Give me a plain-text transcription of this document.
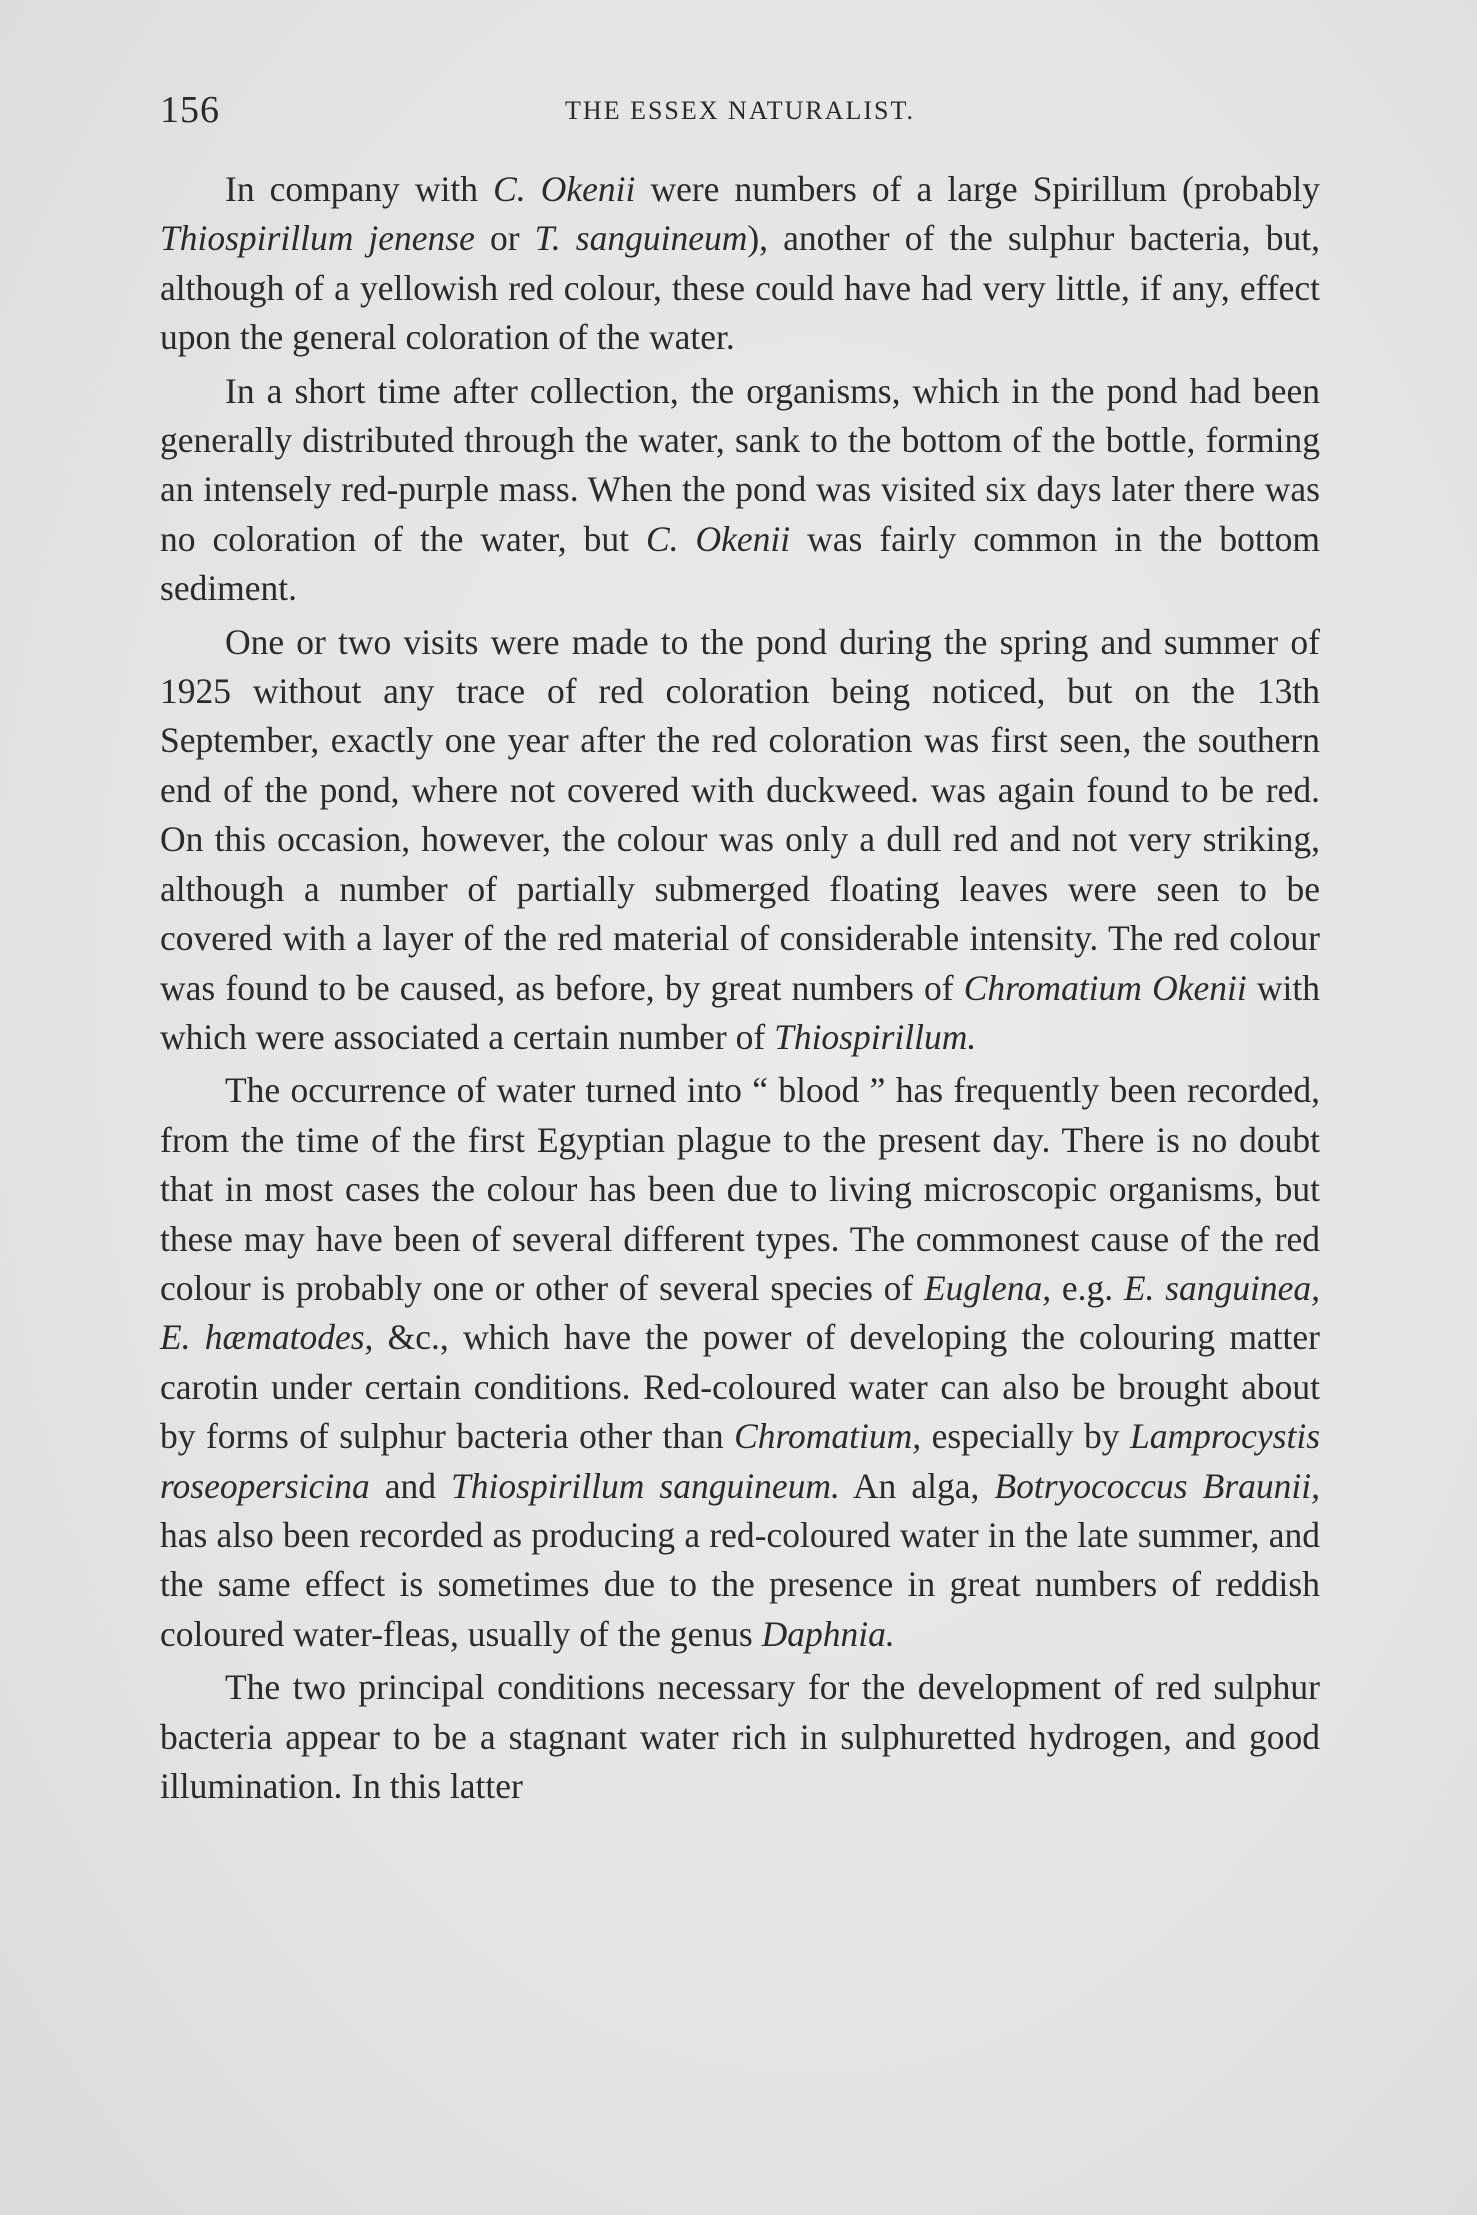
156	THE ESSEX NATURALIST.

In company with C. Okenii were numbers of a large Spirillum (probably Thiospirillum jenense or T. sanguineum), another of the sulphur bacteria, but, although of a yellowish red colour, these could have had very little, if any, effect upon the general coloration of the water.

In a short time after collection, the organisms, which in the pond had been generally distributed through the water, sank to the bottom of the bottle, forming an intensely red-purple mass. When the pond was visited six days later there was no coloration of the water, but C. Okenii was fairly common in the bottom sediment.

One or two visits were made to the pond during the spring and summer of 1925 without any trace of red coloration being noticed, but on the 13th September, exactly one year after the red coloration was first seen, the southern end of the pond, where not covered with duckweed. was again found to be red. On this occasion, however, the colour was only a dull red and not very striking, although a number of partially submerged floating leaves were seen to be covered with a layer of the red material of considerable intensity. The red colour was found to be caused, as before, by great numbers of Chromatium Okenii with which were associated a certain number of Thiospirillum.

The occurrence of water turned into “ blood ” has frequently been recorded, from the time of the first Egyptian plague to the present day. There is no doubt that in most cases the colour has been due to living microscopic organisms, but these may have been of several different types. The commonest cause of the red colour is probably one or other of several species of Euglena, e.g. E. sanguinea, E. hæmatodes, &c., which have the power of developing the colouring matter carotin under certain conditions. Red-coloured water can also be brought about by forms of sulphur bacteria other than Chromatium, especially by Lamprocystis roseopersicina and Thiospirillum sanguineum. An alga, Botryococcus Braunii, has also been recorded as producing a red-coloured water in the late summer, and the same effect is sometimes due to the presence in great numbers of reddish coloured water-fleas, usually of the genus Daphnia.

The two principal conditions necessary for the development of red sulphur bacteria appear to be a stagnant water rich in sulphuretted hydrogen, and good illumination. In this latter
